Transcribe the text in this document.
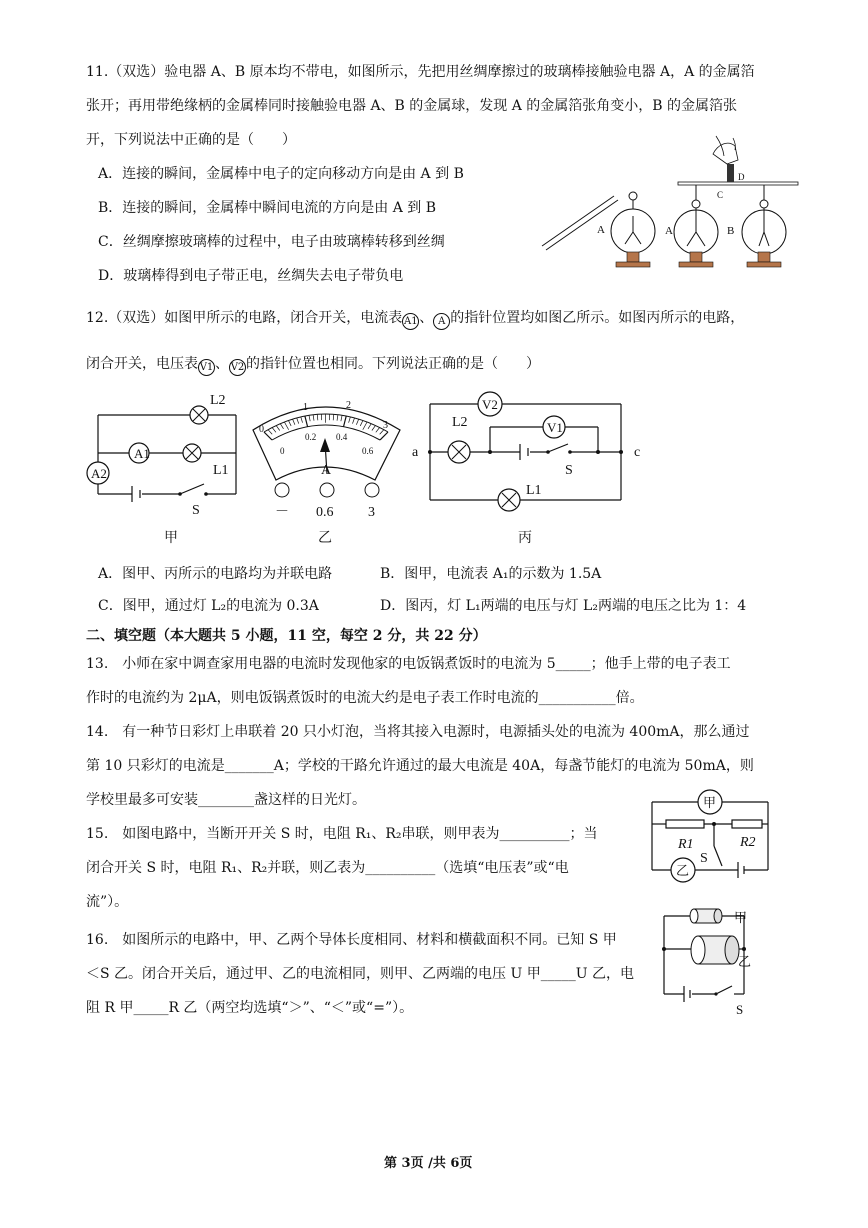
11.（双选）验电器 A、B 原本均不带电，如图所示，先把用丝绸摩擦过的玻璃棒接触验电器 A，A 的金属箔
张开；再用带绝缘柄的金属棒同时接触验电器 A、B 的金属球，发现 A 的金属箔张角变小，B 的金属箔张
开，下列说法中正确的是（　　）
A．连接的瞬间，金属棒中电子的定向移动方向是由 A 到 B
B．连接的瞬间，金属棒中瞬间电流的方向是由 A 到 B
C．丝绸摩擦玻璃棒的过程中，电子由玻璃棒转移到丝绸
D．玻璃棒得到电子带正电，丝绸失去电子带负电
A
D
C
A	B
12.（双选）如图甲所示的电路，闭合开关，电流表 A1 、 A 的指针位置均如图乙所示。如图丙所示的电路，
闭合开关，电压表 V1 、 V2 的指针位置也相同。下列说法正确的是（　　）
A1
A2
L2
L1
S
甲
0
1	2
3
0
0.2 0.4
0.6
A
－ 0.6 3
乙
V2
V1
L2
L1
a	c
S
丙
A．图甲、丙所示的电路均为并联电路	B．图甲，电流表 A₁的示数为 1.5A
C．图甲，通过灯 L₂的电流为 0.3A	D．图丙，灯 L₁两端的电压与灯 L₂两端的电压之比为 1：4
二、填空题（本大题共 5 小题，11 空，每空 2 分，共 22 分）
13.　小师在家中调查家用电器的电流时发现他家的电饭锅煮饭时的电流为 5_____；他手上带的电子表工
作时的电流约为 2μA，则电饭锅煮饭时的电流大约是电子表工作时电流的___________倍。
14.　有一种节日彩灯上串联着 20 只小灯泡，当将其接入电源时，电源插头处的电流为 400mA，那么通过
第 10 只彩灯的电流是_______A；学校的干路允许通过的最大电流是 40A，每盏节能灯的电流为 50mA，则
学校里最多可安装________盏这样的日光灯。
15.　如图电路中，当断开开关 S 时，电阻 R₁、R₂串联，则甲表为__________；当
闭合开关 S 时，电阻 R₁、R₂并联，则乙表为__________（选填“电压表”或“电
流”）。
甲
乙
R1	R2
S
16.　如图所示的电路中，甲、乙两个导体长度相同、材料和横截面积不同。已知 S 甲
＜S 乙。闭合开关后，通过甲、乙的电流相同，则甲、乙两端的电压 U 甲_____U 乙，电
阻 R 甲_____R 乙（两空均选填“＞”、“＜”或“=”）。
甲
乙
S
第 3页 /共 6页
